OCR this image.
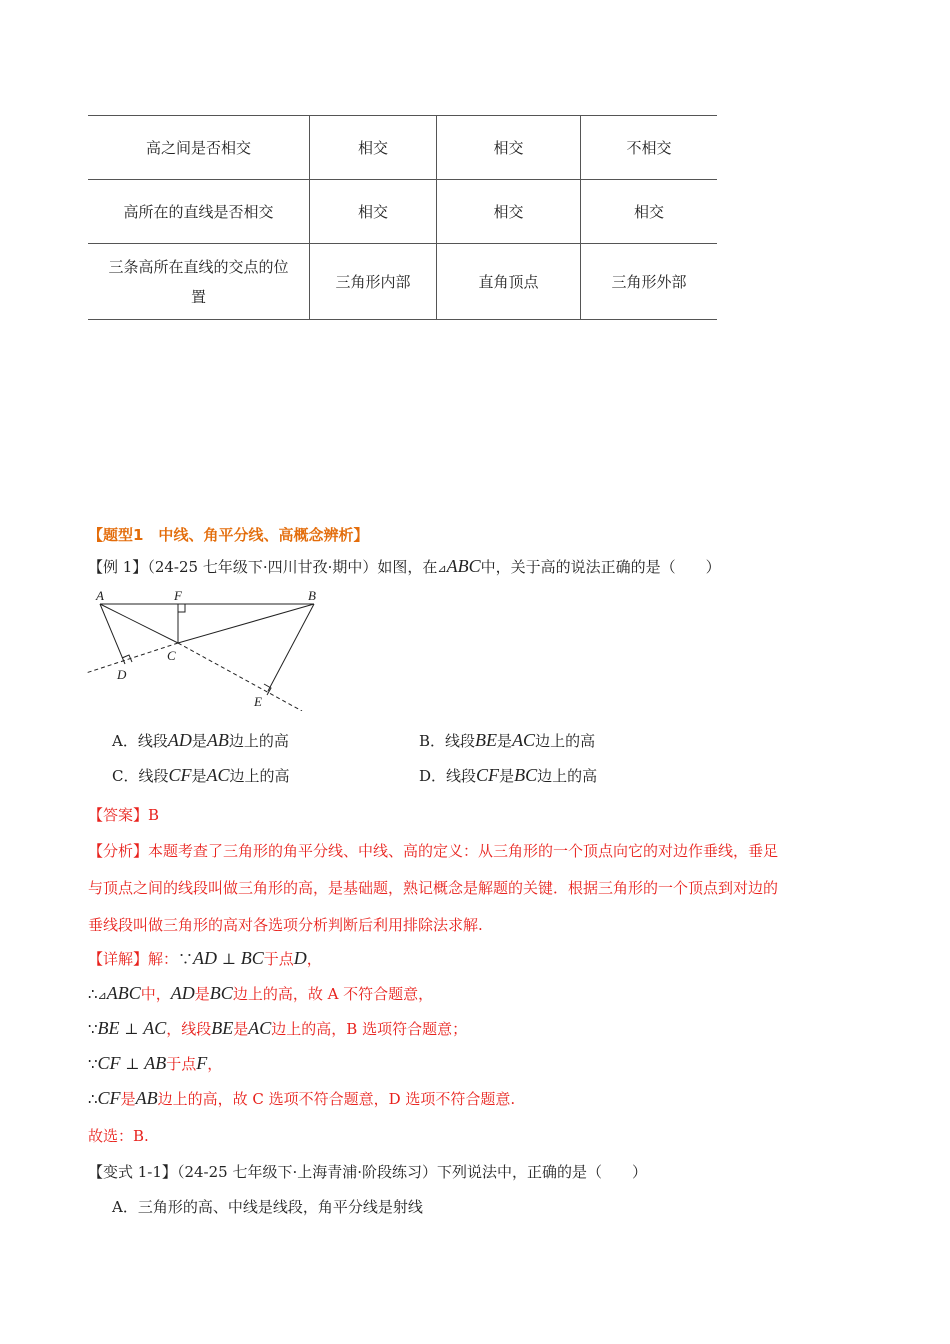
高之间是否相交	相交	相交	不相交
高所在的直线是否相交	相交	相交	相交

三条高所在直线的交点的位
置	三角形内部	直角顶点	三角形外部
【题型1　中线、角平分线、高概念辨析】
【例 1】（24-25 七年级下·四川甘孜·期中）如图，在⊿ABC中，关于高的说法正确的是（　　）
A	F	B
C
D
E
A．线段AD是AB边上的高	B．线段BE是AC边上的高
C．线段CF是AC边上的高	D．线段CF是BC边上的高
【答案】B
【分析】本题考查了三角形的角平分线、中线、高的定义：从三角形的一个顶点向它的对边作垂线，垂足
与顶点之间的线段叫做三角形的高，是基础题，熟记概念是解题的关键．根据三角形的一个顶点到对边的
垂线段叫做三角形的高对各选项分析判断后利用排除法求解.
【详解】解：∵AD ⊥ BC于点D，
∴⊿ABC中，AD是BC边上的高，故 A 不符合题意，
∵BE ⊥ AC，线段BE是AC边上的高，B 选项符合题意；
∵CF ⊥ AB于点F，
∴CF是AB边上的高，故 C 选项不符合题意，D 选项不符合题意.
故选：B.
【变式 1-1】（24-25 七年级下·上海青浦·阶段练习）下列说法中，正确的是（　　）
A．三角形的高、中线是线段，角平分线是射线
